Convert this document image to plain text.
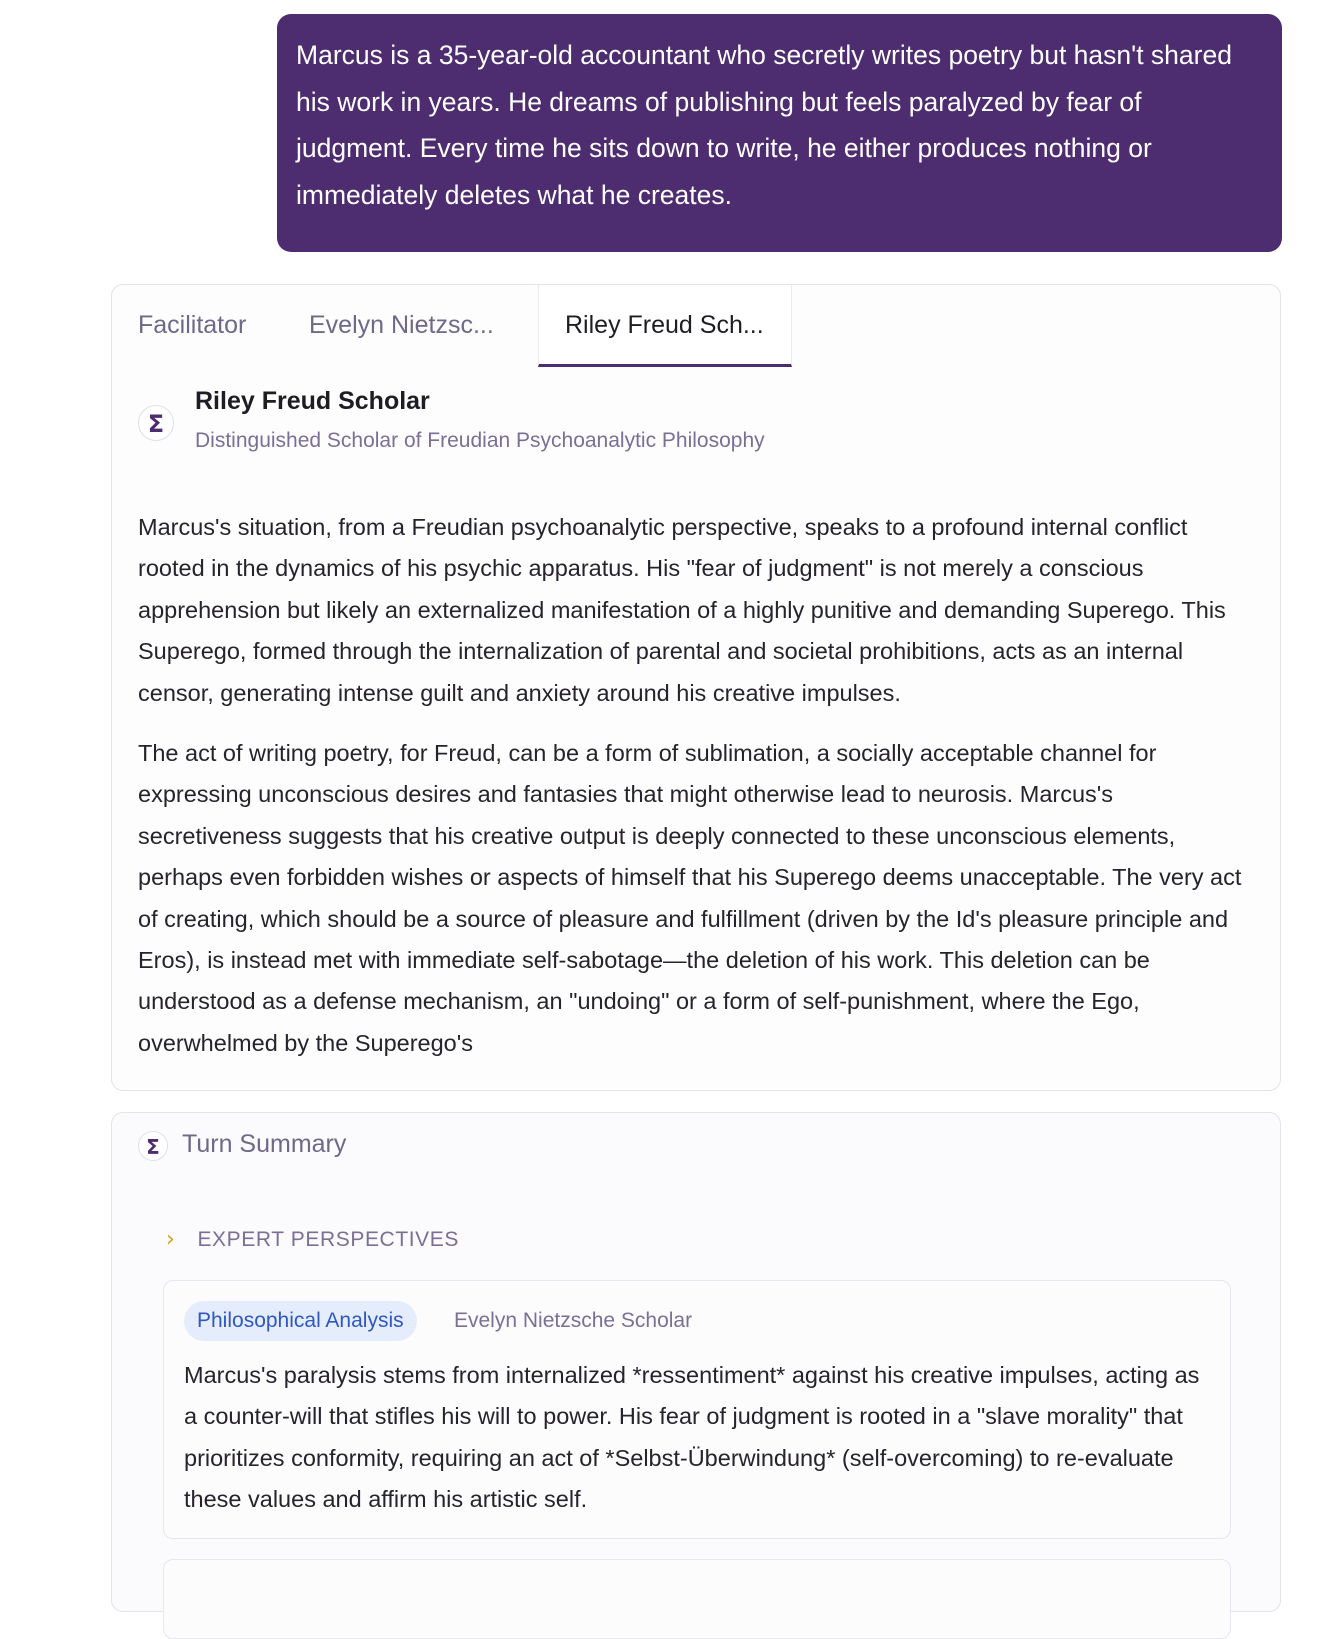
Marcus is a 35-year-old accountant who secretly writes poetry but hasn't shared his work in years. He dreams of publishing but feels paralyzed by fear of judgment. Every time he sits down to write, he either produces nothing or immediately deletes what he creates.
Facilitator	Evelyn Nietzsc...	Riley Freud Sch...
Σ
Riley Freud Scholar
Distinguished Scholar of Freudian Psychoanalytic Philosophy

Marcus's situation, from a Freudian psychoanalytic perspective, speaks to a profound internal conflict rooted in the dynamics of his psychic apparatus. His "fear of judgment" is not merely a conscious apprehension but likely an externalized manifestation of a highly punitive and demanding Superego. This Superego, formed through the internalization of parental and societal prohibitions, acts as an internal censor, generating intense guilt and anxiety around his creative impulses.

The act of writing poetry, for Freud, can be a form of sublimation, a socially acceptable channel for expressing unconscious desires and fantasies that might otherwise lead to neurosis. Marcus's secretiveness suggests that his creative output is deeply connected to these unconscious elements, perhaps even forbidden wishes or aspects of himself that his Superego deems unacceptable. The very act of creating, which should be a source of pleasure and fulfillment (driven by the Id's pleasure principle and Eros), is instead met with immediate self-sabotage—the deletion of his work. This deletion can be understood as a defense mechanism, an "undoing" or a form of self-punishment, where the Ego, overwhelmed by the Superego's

Σ Turn Summary
› EXPERT PERSPECTIVES
Philosophical Analysis	Evelyn Nietzsche Scholar
Marcus's paralysis stems from internalized *ressentiment* against his creative impulses, acting as a counter-will that stifles his will to power. His fear of judgment is rooted in a "slave morality" that prioritizes conformity, requiring an act of *Selbst-Überwindung* (self-overcoming) to re-evaluate these values and affirm his artistic self.
